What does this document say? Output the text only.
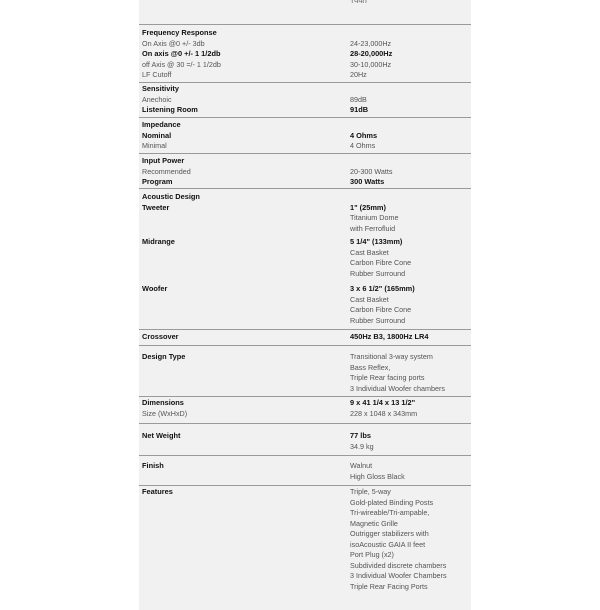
Frequency Response
On Axis @0 +/- 3db	24-23,000Hz
On axis @0 +/- 1 1/2db	28-20,000Hz
off Axis @ 30 =/- 1 1/2db	30-10,000Hz
LF Cutoff	20Hz
Sensitivity
Anechoic	89dB
Listening Room	91dB
Impedance
Nominal	4 Ohms
Minimal	4 Ohms
Input Power
Recommended	20-300 Watts
Program	300 Watts
Acoustic Design
Tweeter	1" (25mm)
Titanium Dome
with Ferrofluid
Midrange	5 1/4" (133mm)
Cast Basket
Carbon Fibre Cone
Rubber Surround
Woofer	3 x 6 1/2" (165mm)
Cast Basket
Carbon Fibre Cone
Rubber Surround
Crossover	450Hz B3, 1800Hz LR4
Design Type	Transitional 3-way system
Bass Reflex,
Triple Rear facing ports
3 Individual Woofer chambers
Dimensions	9 x 41 1/4 x 13 1/2"
Size (WxHxD)	228 x 1048 x 343mm
Net Weight	77 lbs
34.9 kg
Finish	Walnut
High Gloss Black
Features	Triple, 5-way
Gold-plated Binding Posts
Tri-wireable/Tri-ampable,
Magnetic Grille
Outrigger stabilizers with
isoAcoustic GAIA II feet
Port Plug (x2)
Subdivided discrete chambers
3 Individual Woofer Chambers
Triple Rear Facing Ports
